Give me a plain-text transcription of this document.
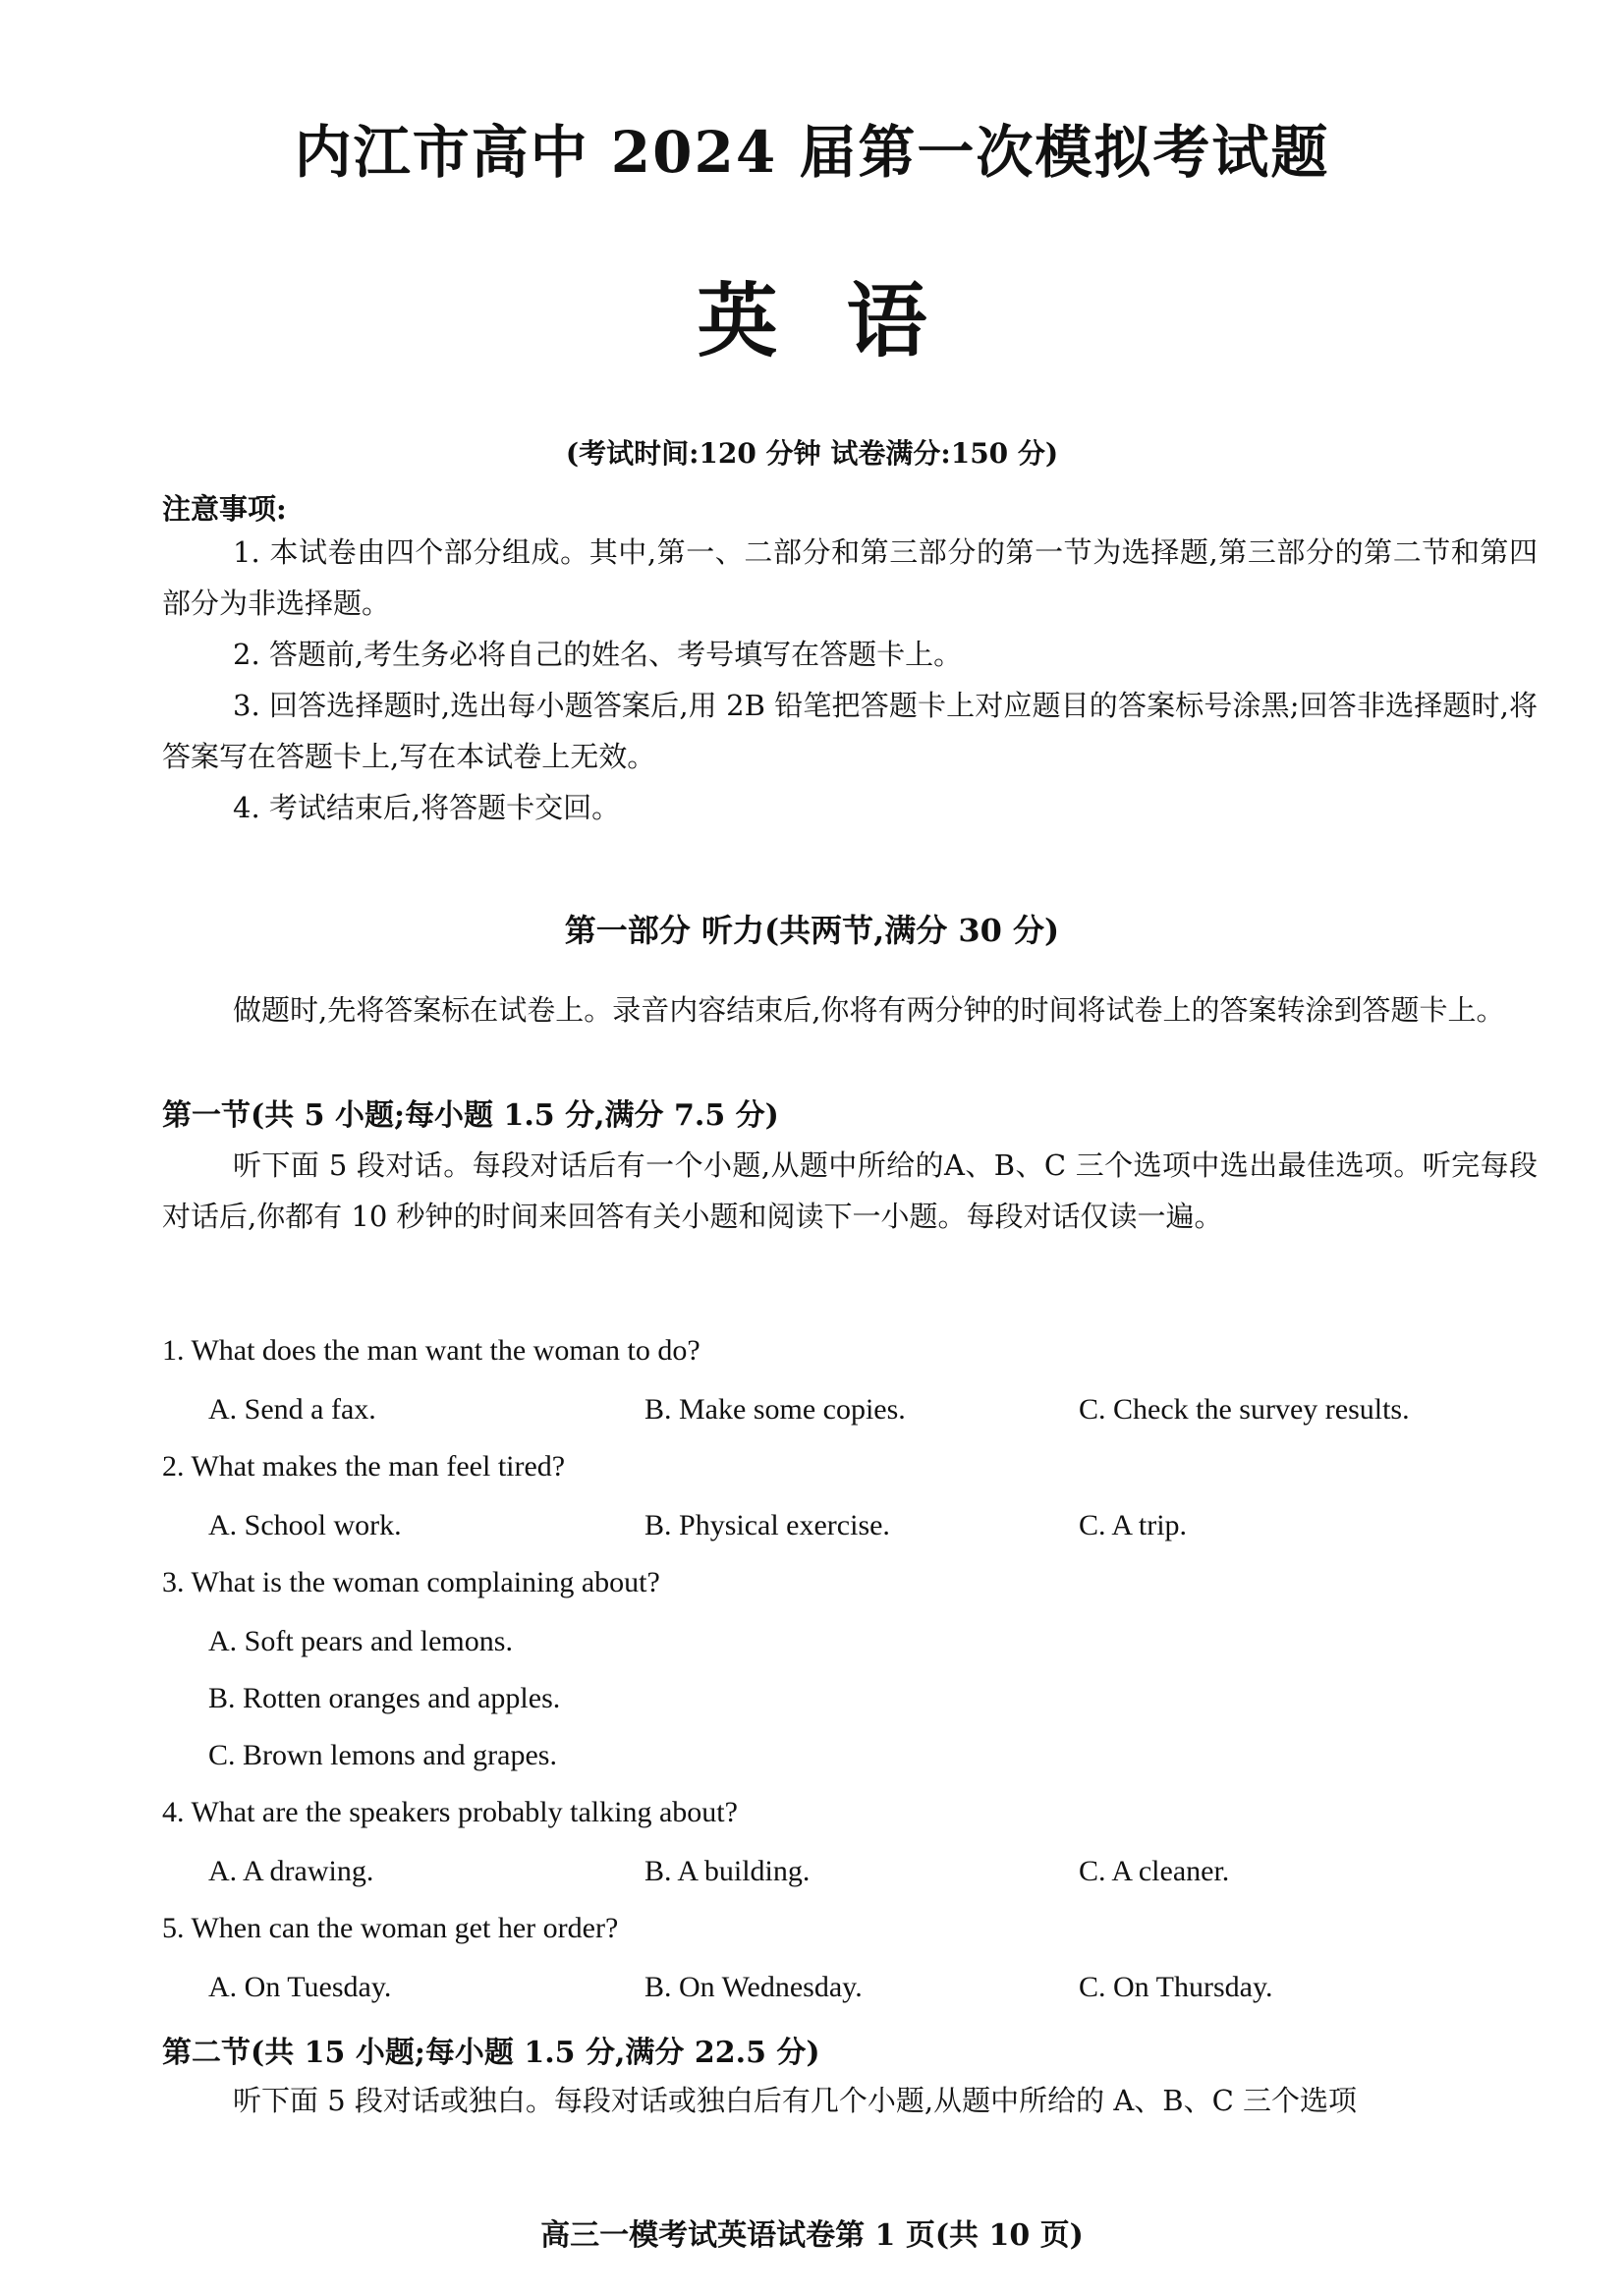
内江市高中 2024 届第一次模拟考试题
英语
(考试时间:120 分钟 试卷满分:150 分)
注意事项:

1. 本试卷由四个部分组成。其中,第一、二部分和第三部分的第一节为选择题,第三部分的第二节和第四部分为非选择题。

2. 答题前,考生务必将自己的姓名、考号填写在答题卡上。

3. 回答选择题时,选出每小题答案后,用 2B 铅笔把答题卡上对应题目的答案标号涂黑;回答非选择题时,将答案写在答题卡上,写在本试卷上无效。

4. 考试结束后,将答题卡交回。

第一部分 听力(共两节,满分 30 分)

做题时,先将答案标在试卷上。录音内容结束后,你将有两分钟的时间将试卷上的答案转涂到答题卡上。

第一节(共 5 小题;每小题 1.5 分,满分 7.5 分)

听下面 5 段对话。每段对话后有一个小题,从题中所给的A、B、C 三个选项中选出最佳选项。听完每段对话后,你都有 10 秒钟的时间来回答有关小题和阅读下一小题。每段对话仅读一遍。

1. What does the man want the woman to do?
A. Send a fax.	B. Make some copies.	C. Check the survey results.
2. What makes the man feel tired?
A. School work.	B. Physical exercise.	C. A trip.
3. What is the woman complaining about?
A. Soft pears and lemons.
B. Rotten oranges and apples.
C. Brown lemons and grapes.
4. What are the speakers probably talking about?
A. A drawing.	B. A building.	C. A cleaner.
5. When can the woman get her order?
A. On Tuesday.	B. On Wednesday.	C. On Thursday.
第二节(共 15 小题;每小题 1.5 分,满分 22.5 分)

听下面 5 段对话或独白。每段对话或独白后有几个小题,从题中所给的 A、B、C 三个选项

高三一模考试英语试卷第 1 页(共 10 页)
